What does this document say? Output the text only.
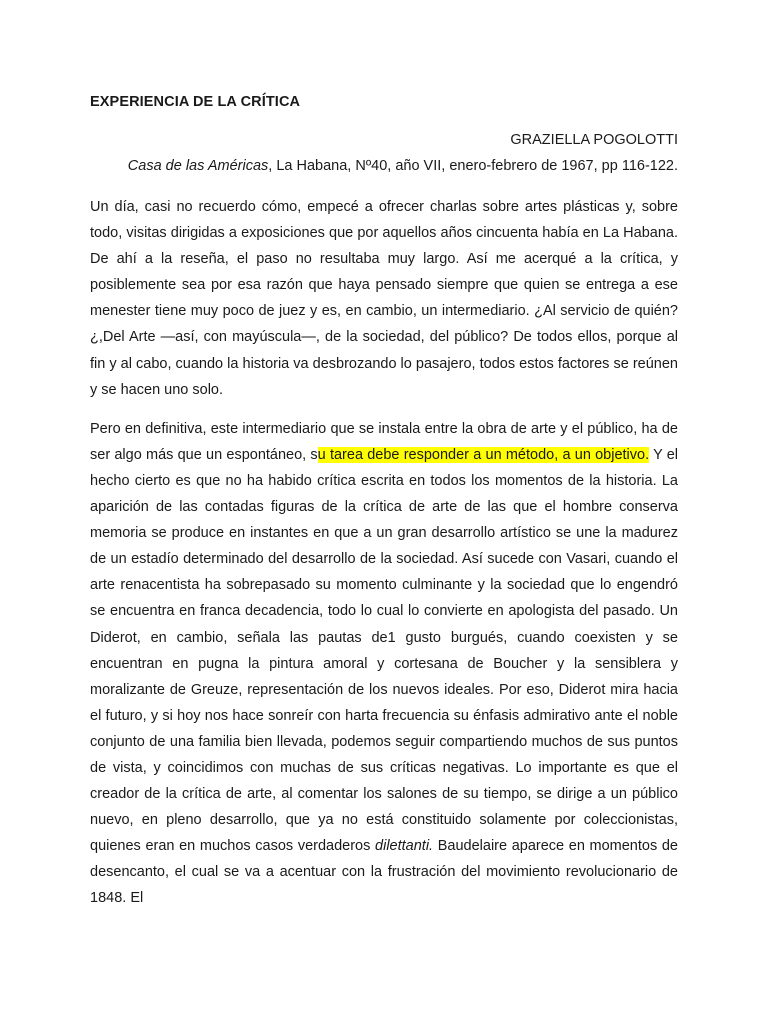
EXPERIENCIA DE LA CRÍTICA
GRAZIELLA POGOLOTTI
Casa de las Américas, La Habana, Nº40, año VII, enero-febrero de 1967, pp 116-122.

Un día, casi no recuerdo cómo, empecé a ofrecer charlas sobre artes plásticas y, sobre todo, visitas dirigidas a exposiciones que por aquellos años cincuenta había en La Habana. De ahí a la reseña, el paso no resultaba muy largo. Así me acerqué a la crítica, y posiblemente sea por esa razón que haya pensado siempre que quien se entrega a ese menester tiene muy poco de juez y es, en cambio, un intermediario. ¿Al servicio de quién? ¿,Del Arte —así, con mayúscula—, de la sociedad, del público? De todos ellos, porque al fin y al cabo, cuando la historia va desbrozando lo pasajero, todos estos factores se reúnen y se hacen uno solo.

Pero en definitiva, este intermediario que se instala entre la obra de arte y el público, ha de ser algo más que un espontáneo, su tarea debe responder a un método, a un objetivo. Y el hecho cierto es que no ha habido crítica escrita en todos los momentos de la historia. La aparición de las contadas figuras de la crítica de arte de las que el hombre conserva memoria se produce en instantes en que a un gran desarrollo artístico se une la madurez de un estadío determinado del desarrollo de la sociedad. Así sucede con Vasari, cuando el arte renacentista ha sobrepasado su momento culminante y la sociedad que lo engendró se encuentra en franca decadencia, todo lo cual lo convierte en apologista del pasado. Un Diderot, en cambio, señala las pautas de1 gusto burgués, cuando coexisten y se encuentran en pugna la pintura amoral y cortesana de Boucher y la sensiblera y moralizante de Greuze, representación de los nuevos ideales. Por eso, Diderot mira hacia el futuro, y si hoy nos hace sonreír con harta frecuencia su énfasis admirativo ante el noble conjunto de una familia bien llevada, podemos seguir compartiendo muchos de sus puntos de vista, y coincidimos con muchas de sus críticas negativas. Lo importante es que el creador de la crítica de arte, al comentar los salones de su tiempo, se dirige a un público nuevo, en pleno desarrollo, que ya no está constituido solamente por coleccionistas, quienes eran en muchos casos verdaderos dilettanti. Baudelaire aparece en momentos de desencanto, el cual se va a acentuar con la frustración del movimiento revolucionario de 1848. El
